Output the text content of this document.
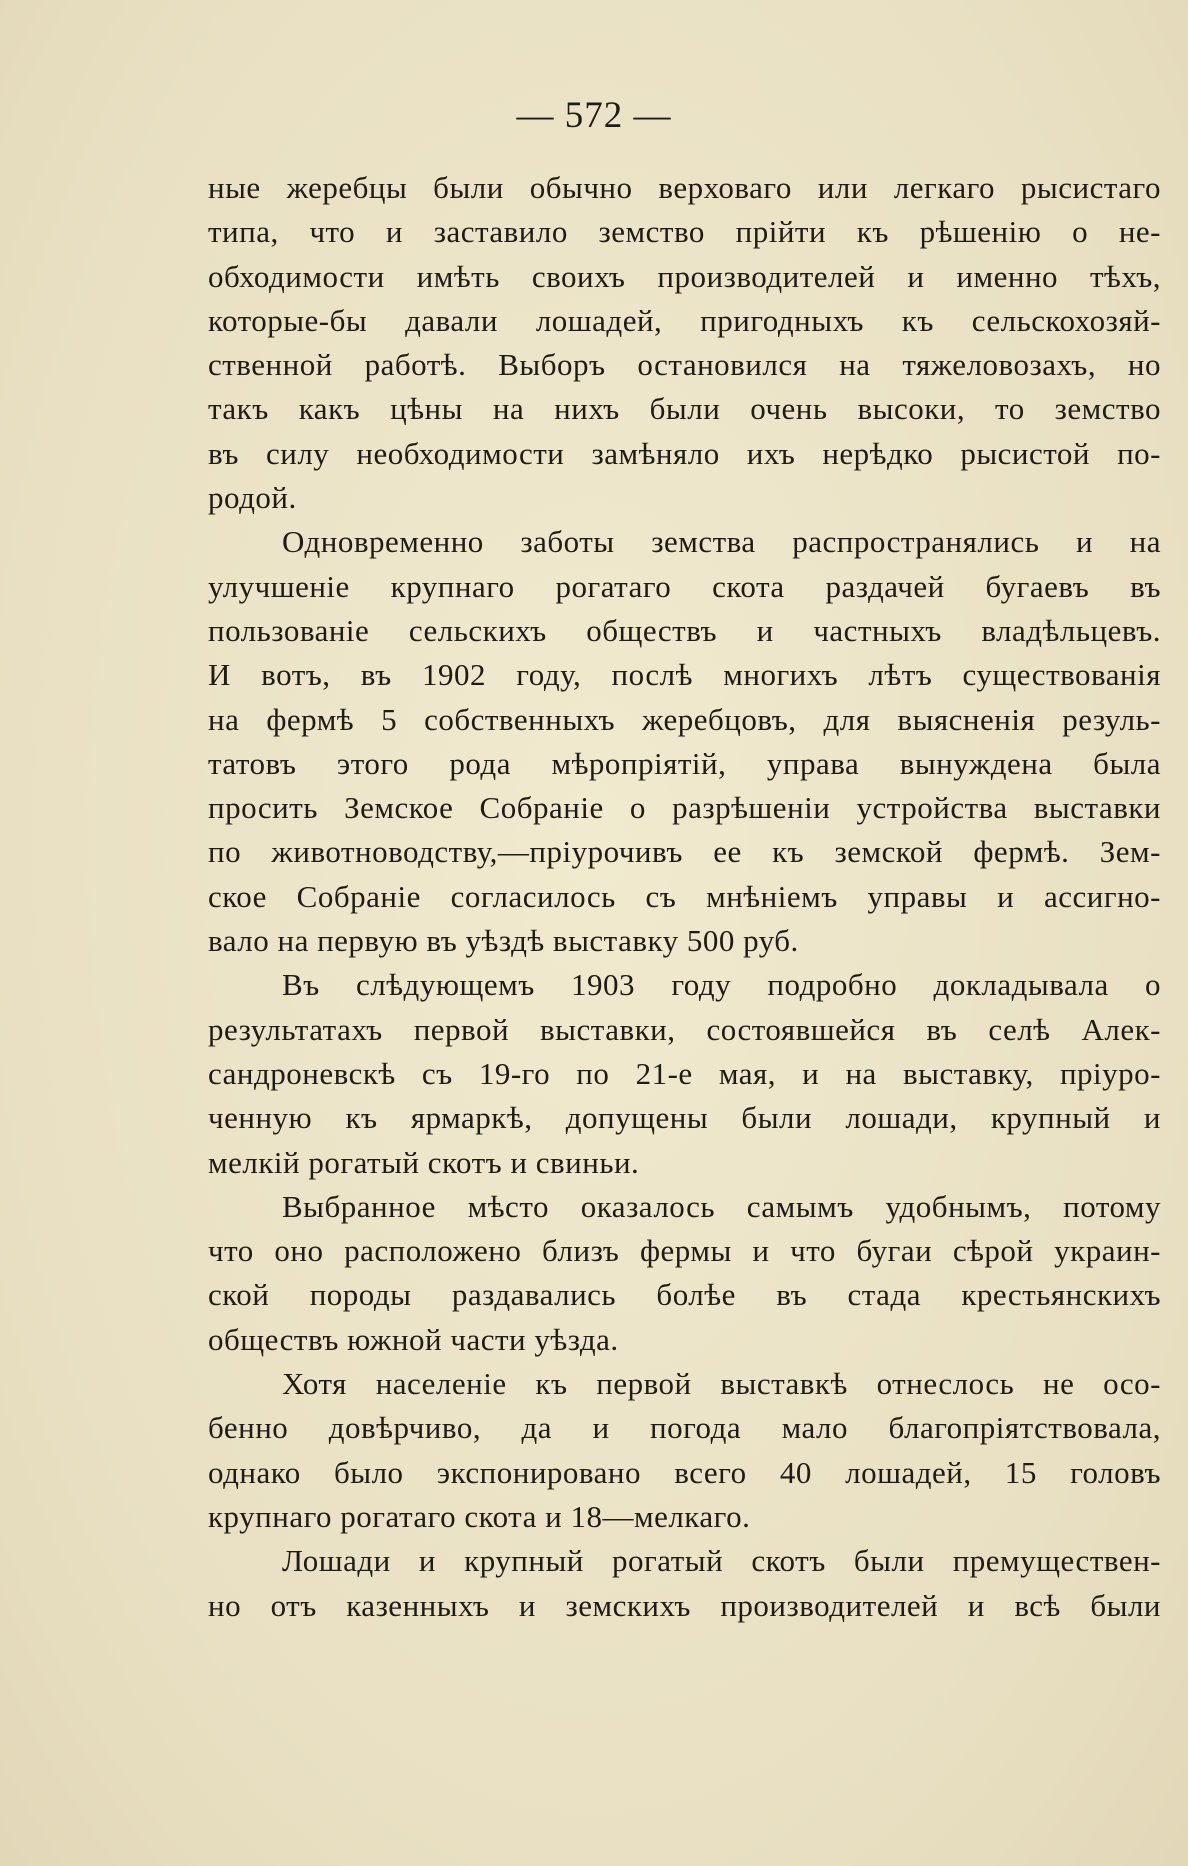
— 572 —
ные жеребцы были обычно верховаго или легкаго рысистаго
типа, что и заставило земство прійти къ рѣшенію о не-
обходимости имѣть своихъ производителей и именно тѣхъ,
которые-бы давали лошадей, пригодныхъ къ сельскохозяй-
ственной работѣ. Выборъ остановился на тяжеловозахъ, но
такъ какъ цѣны на нихъ были очень высоки, то земство
въ силу необходимости замѣняло ихъ нерѣдко рысистой по-
родой.
Одновременно заботы земства распространялись и на
улучшеніе крупнаго рогатаго скота раздачей бугаевъ въ
пользованіе сельскихъ обществъ и частныхъ владѣльцевъ.
И вотъ, въ 1902 году, послѣ многихъ лѣтъ существованія
на фермѣ 5 собственныхъ жеребцовъ, для выясненія резуль-
татовъ этого рода мѣропріятій, управа вынуждена была
просить Земское Собраніе о разрѣшеніи устройства выставки
по животноводству,—пріурочивъ ее къ земской фермѣ. Зем-
ское Собраніе согласилось съ мнѣніемъ управы и ассигно-
вало на первую въ уѣздѣ выставку 500 руб.
Въ слѣдующемъ 1903 году подробно докладывала о
результатахъ первой выставки, состоявшейся въ селѣ Алек-
сандроневскѣ съ 19-го по 21-е мая, и на выставку, пріуро-
ченную къ ярмаркѣ, допущены были лошади, крупный и
мелкій рогатый скотъ и свиньи.
Выбранное мѣсто оказалось самымъ удобнымъ, потому
что оно расположено близъ фермы и что бугаи сѣрой украин-
ской породы раздавались болѣе въ стада крестьянскихъ
обществъ южной части уѣзда.
Хотя населеніе къ первой выставкѣ отнеслось не осо-
бенно довѣрчиво, да и погода мало благопріятствовала,
однако было экспонировано всего 40 лошадей, 15 головъ
крупнаго рогатаго скота и 18—мелкаго.
Лошади и крупный рогатый скотъ были премуществен-
но отъ казенныхъ и земскихъ производителей и всѣ были
